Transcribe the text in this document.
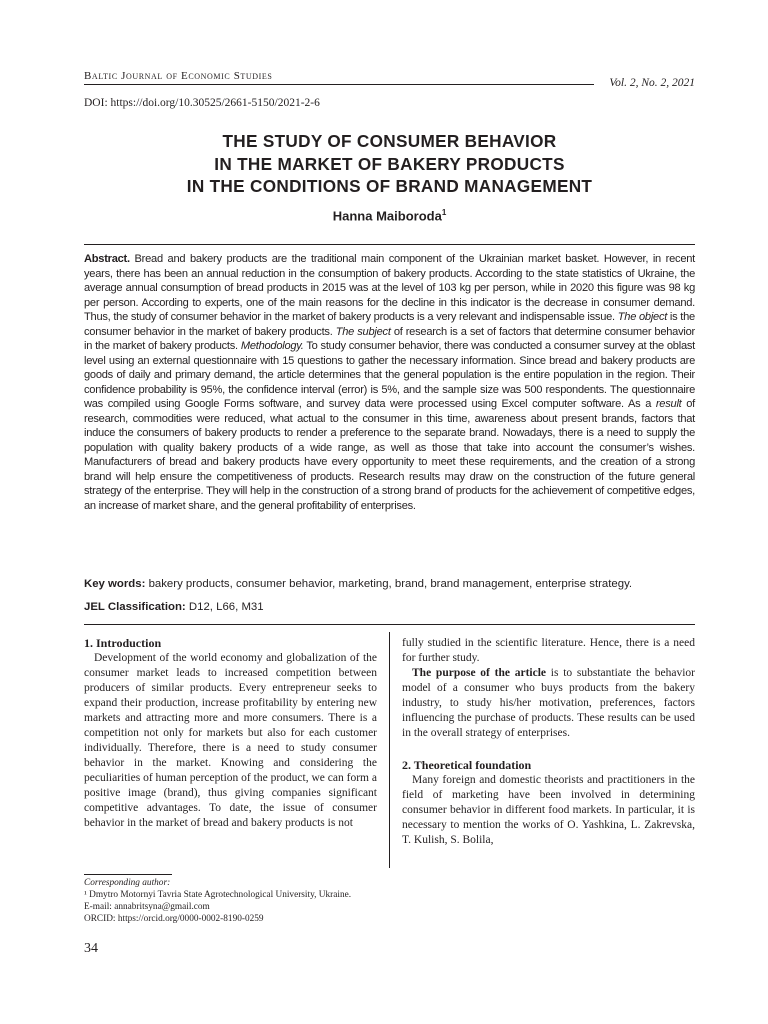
Baltic Journal of Economic Studies
Vol. 2, No. 2, 2021
DOI: https://doi.org/10.30525/2661-5150/2021-2-6
THE STUDY OF CONSUMER BEHAVIOR
IN THE MARKET OF BAKERY PRODUCTS
IN THE CONDITIONS OF BRAND MANAGEMENT
Hanna Maiboroda$^1$

Abstract. Bread and bakery products are the traditional main component of the Ukrainian market basket. However, in recent years, there has been an annual reduction in the consumption of bakery products. According to the state statistics of Ukraine, the average annual consumption of bread products in 2015 was at the level of 103 kg per person, while in 2020 this figure was 98 kg per person. According to experts, one of the main reasons for the decline in this indicator is the decrease in consumer demand. Thus, the study of consumer behavior in the market of bakery products is a very relevant and indispensable issue. The object is the consumer behavior in the market of bakery products. The subject of research is a set of factors that determine consumer behavior in the market of bakery products. Methodology. To study consumer behavior, there was conducted a consumer survey at the oblast level using an external questionnaire with 15 questions to gather the necessary information. Since bread and bakery products are goods of daily and primary demand, the article determines that the general population is the entire population in the region. Their confidence probability is 95%, the confidence interval (error) is 5%, and the sample size was 500 respondents. The questionnaire was compiled using Google Forms software, and survey data were processed using Excel computer software. As a result of research, commodities were reduced, what actual to the consumer in this time, awareness about present brands, factors that induce the consumers of bakery products to render a preference to the separate brand. Nowadays, there is a need to supply the population with quality bakery products of a wide range, as well as those that take into account the consumer’s wishes. Manufacturers of bread and bakery products have every opportunity to meet these requirements, and the creation of a strong brand will help ensure the competitiveness of products. Research results may draw on the construction of the future general strategy of the enterprise. They will help in the construction of a strong brand of products for the achievement of competitive edges, an increase of market share, and the general profitability of enterprises.

Key words: bakery products, consumer behavior, marketing, brand, brand management, enterprise strategy.

JEL Classification: D12, L66, M31

1. Introduction

Development of the world economy and globalization of the consumer market leads to increased competition between producers of similar products. Every entrepreneur seeks to expand their production, increase profitability by entering new markets and attracting more and more consumers. There is a competition not only for markets but also for each customer individually. Therefore, there is a need to study consumer behavior in the market. Knowing and considering the peculiarities of human perception of the product, we can form a positive image (brand), thus giving companies significant competitive advantages. To date, the issue of consumer behavior in the market of bread and bakery products is not

fully studied in the scientific literature. Hence, there is a need for further study.

The purpose of the article is to substantiate the behavior model of a consumer who buys products from the bakery industry, to study his/her motivation, preferences, factors influencing the purchase of products. These results can be used in the overall strategy of enterprises.

2. Theoretical foundation

Many foreign and domestic theorists and practitioners in the field of marketing have been involved in determining consumer behavior in different food markets. In particular, it is necessary to mention the works of O. Yashkina, L. Zakrevska, T. Kulish, S. Bolila,

Corresponding author:
¹ Dmytro Motornyi Tavria State Agrotechnological University, Ukraine.
E-mail: annabritsyna@gmail.com
ORCID: https://orcid.org/0000-0002-8190-0259
34
